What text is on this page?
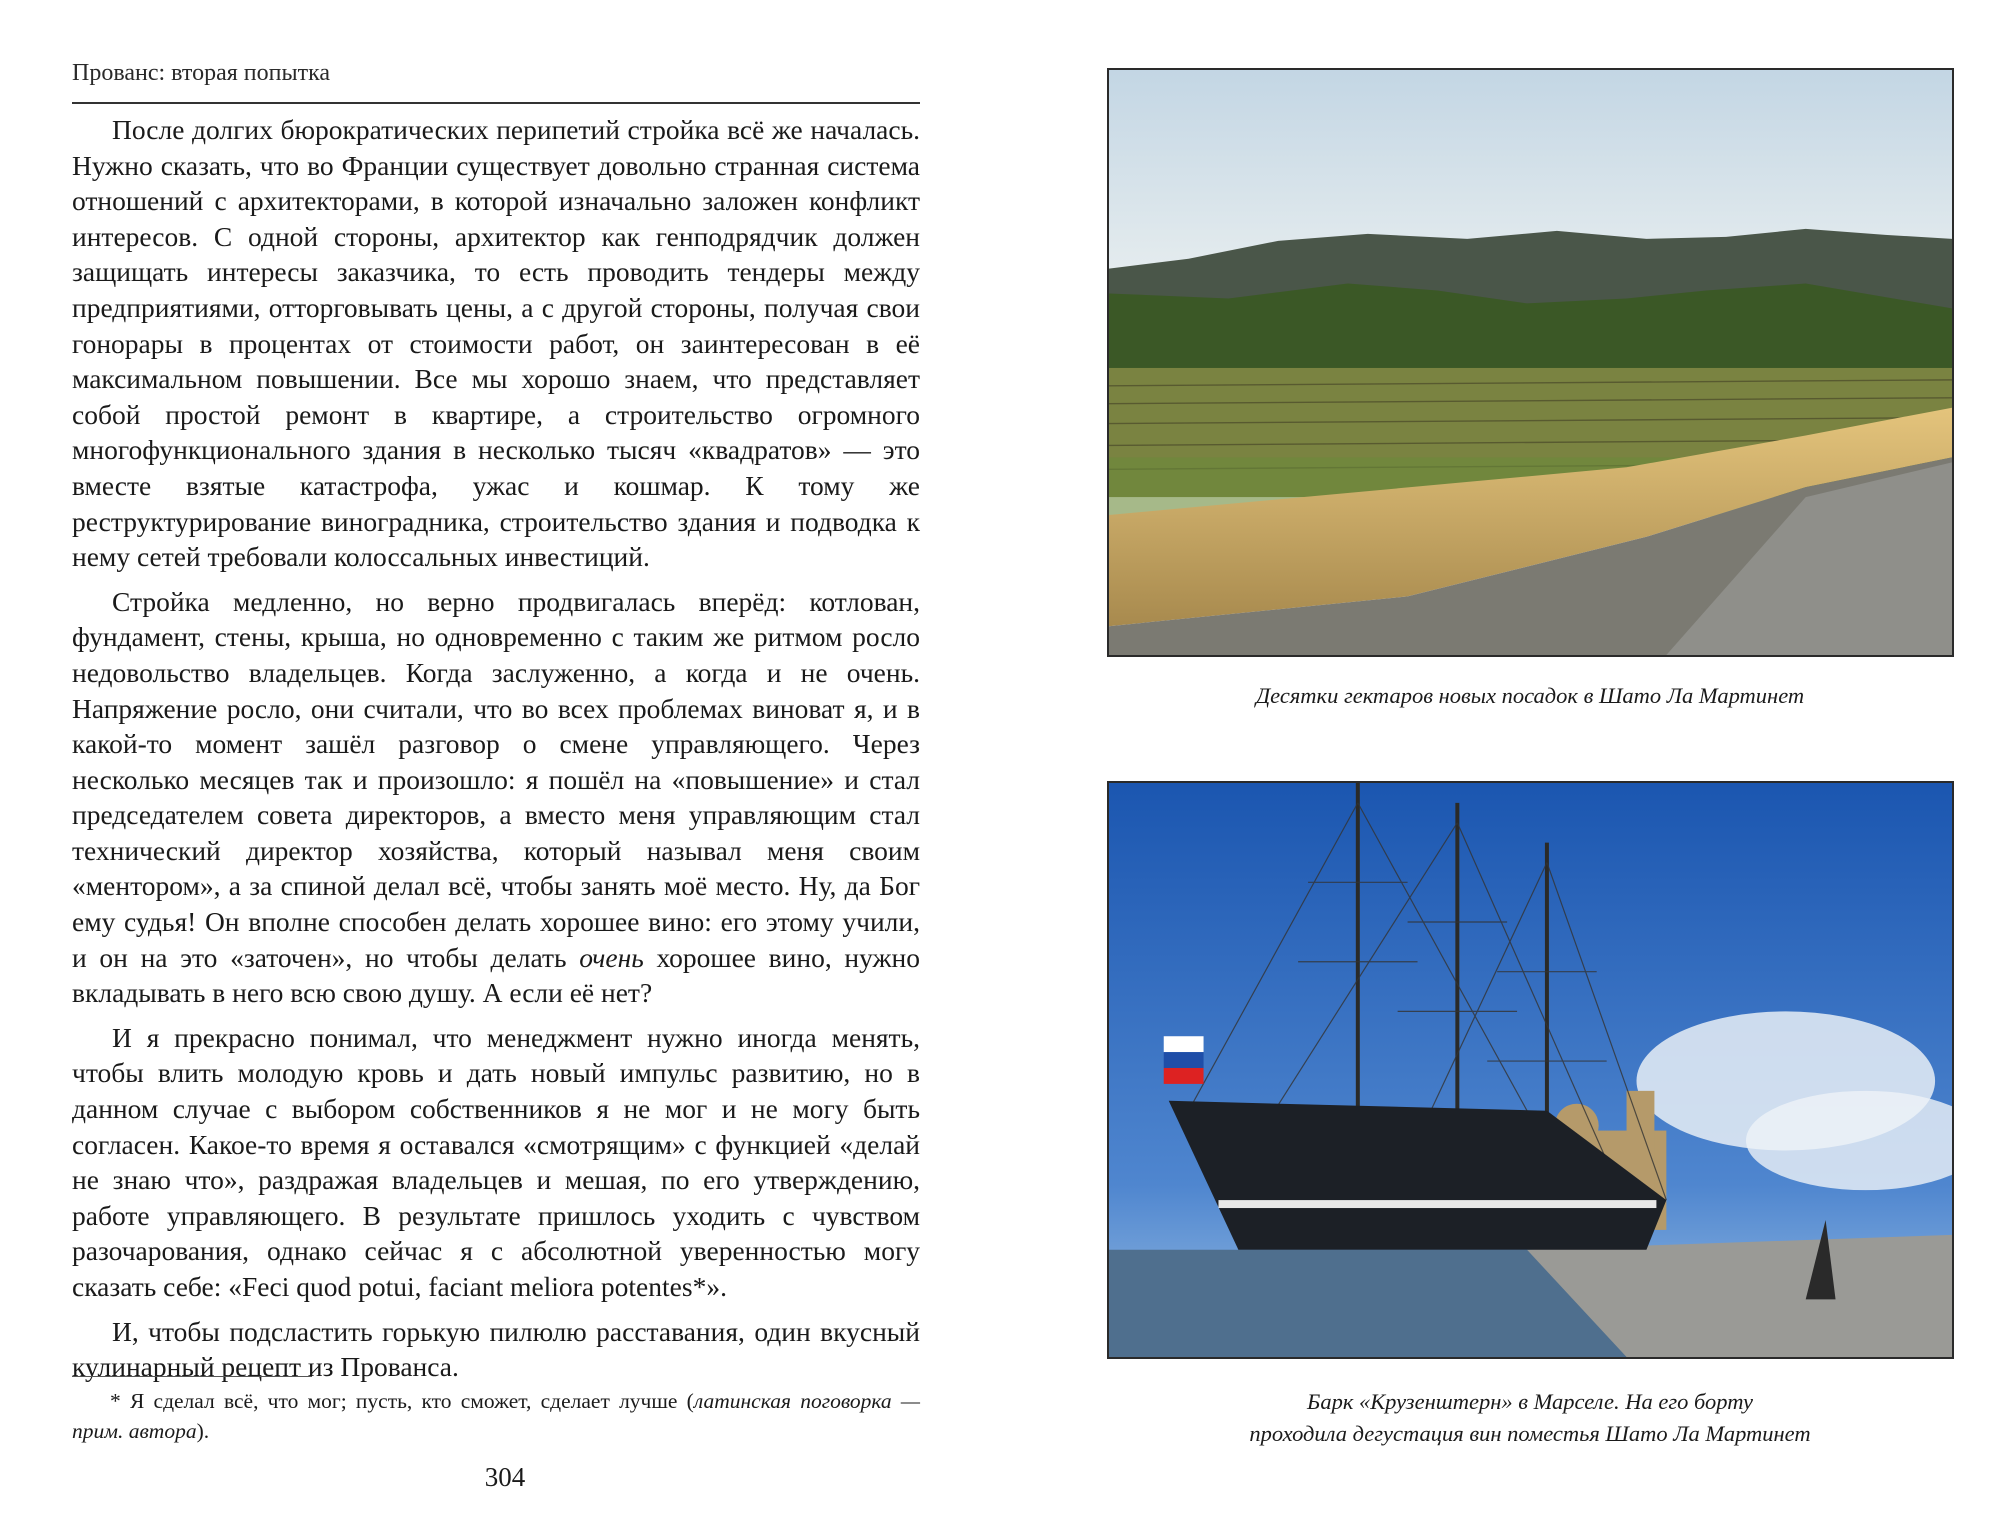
Прованс: вторая попытка

После долгих бюрократических перипетий стройка всё же началась. Нужно сказать, что во Франции существует довольно странная система отношений с архитекторами, в которой изначально заложен конфликт интересов. С одной стороны, архитектор как генподрядчик должен защищать интересы заказчика, то есть проводить тендеры между предприятиями, отторговывать цены, а с другой стороны, получая свои гонорары в процентах от стоимости работ, он заинтересован в её максимальном повышении. Все мы хорошо знаем, что представляет собой простой ремонт в квартире, а строительство огромного многофункционального здания в несколько тысяч «квадратов» — это вместе взятые катастрофа, ужас и кошмар. К тому же реструктурирование виноградника, строительство здания и подводка к нему сетей требовали колоссальных инвестиций.

Стройка медленно, но верно продвигалась вперёд: котлован, фундамент, стены, крыша, но одновременно с таким же ритмом росло недовольство владельцев. Когда заслуженно, а когда и не очень. Напряжение росло, они считали, что во всех проблемах виноват я, и в какой-то момент зашёл разговор о смене управляющего. Через несколько месяцев так и произошло: я пошёл на «повышение» и стал председателем совета директоров, а вместо меня управляющим стал технический директор хозяйства, который называл меня своим «ментором», а за спиной делал всё, чтобы занять моё место. Ну, да Бог ему судья! Он вполне способен делать хорошее вино: его этому учили, и он на это «заточен», но чтобы делать очень хорошее вино, нужно вкладывать в него всю свою душу. А если её нет?

И я прекрасно понимал, что менеджмент нужно иногда менять, чтобы влить молодую кровь и дать новый импульс развитию, но в данном случае с выбором собственников я не мог и не могу быть согласен. Какое-то время я оставался «смотрящим» с функцией «делай не знаю что», раздражая владельцев и мешая, по его утверждению, работе управляющего. В результате пришлось уходить с чувством разочарования, однако сейчас я с абсолютной уверенностью могу сказать себе: «Feci quod potui, faciant meliora potentes*».

И, чтобы подсластить горькую пилюлю расставания, один вкусный кулинарный рецепт из Прованса.

* Я сделал всё, что мог; пусть, кто сможет, сделает лучше (латинская поговорка — прим. автора).
304
Десятки гектаров новых посадок в Шато Ла Мартинет
Барк «Крузенштерн» в Марселе. На его борту
проходила дегустация вин поместья Шато Ла Мартинет
